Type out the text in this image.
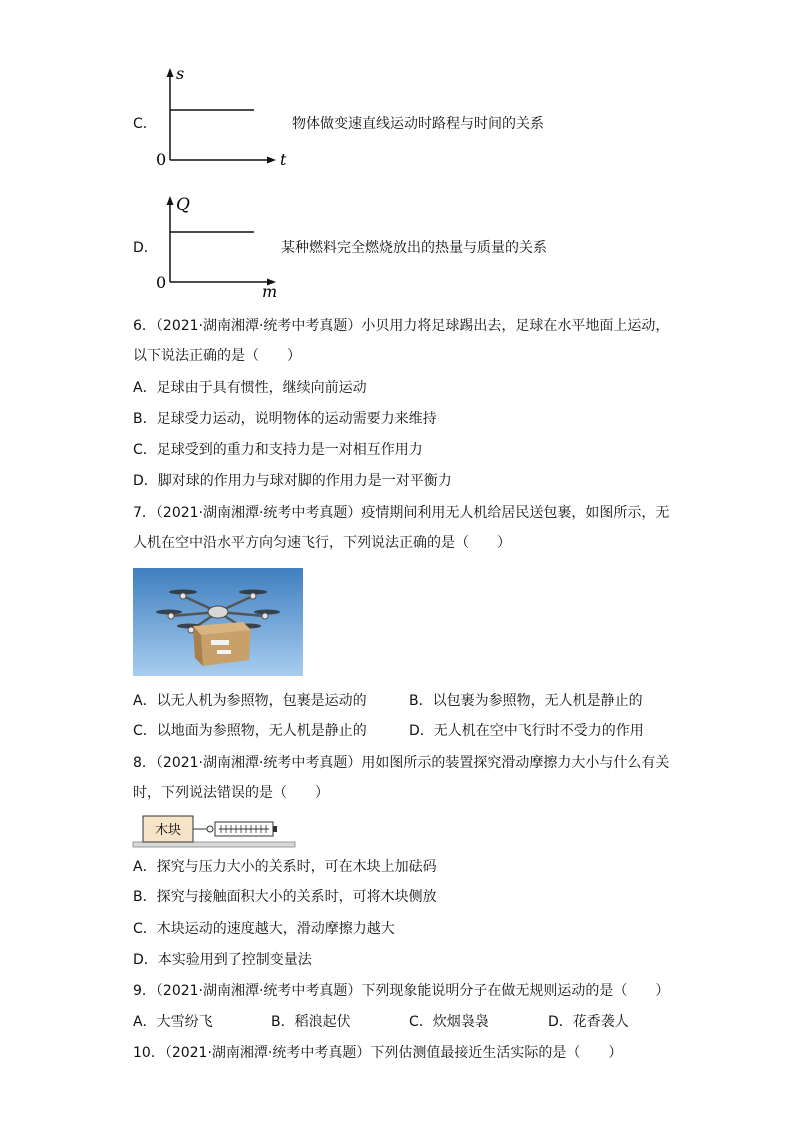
C．
s
t
0
物体做变速直线运动时路程与时间的关系
D．
Q
m
0
某种燃料完全燃烧放出的热量与质量的关系
6．（2021·湖南湘潭·统考中考真题）小贝用力将足球踢出去，足球在水平地面上运动，
以下说法正确的是（　　）
A．足球由于具有惯性，继续向前运动
B．足球受力运动，说明物体的运动需要力来维持
C．足球受到的重力和支持力是一对相互作用力
D．脚对球的作用力与球对脚的作用力是一对平衡力
7．（2021·湖南湘潭·统考中考真题）疫情期间利用无人机给居民送包裹，如图所示，无
人机在空中沿水平方向匀速飞行，下列说法正确的是（　　）
A．以无人机为参照物，包裹是运动的	B．以包裹为参照物，无人机是静止的
C．以地面为参照物，无人机是静止的	D．无人机在空中飞行时不受力的作用
8．（2021·湖南湘潭·统考中考真题）用如图所示的装置探究滑动摩擦力大小与什么有关
时，下列说法错误的是（　　）
木块
A．探究与压力大小的关系时，可在木块上加砝码
B．探究与接触面积大小的关系时，可将木块侧放
C．木块运动的速度越大，滑动摩擦力越大
D．本实验用到了控制变量法
9．（2021·湖南湘潭·统考中考真题）下列现象能说明分子在做无规则运动的是（　　）
A．大雪纷飞	B．稻浪起伏	C．炊烟袅袅	D．花香袭人
10．（2021·湖南湘潭·统考中考真题）下列估测值最接近生活实际的是（　　）
